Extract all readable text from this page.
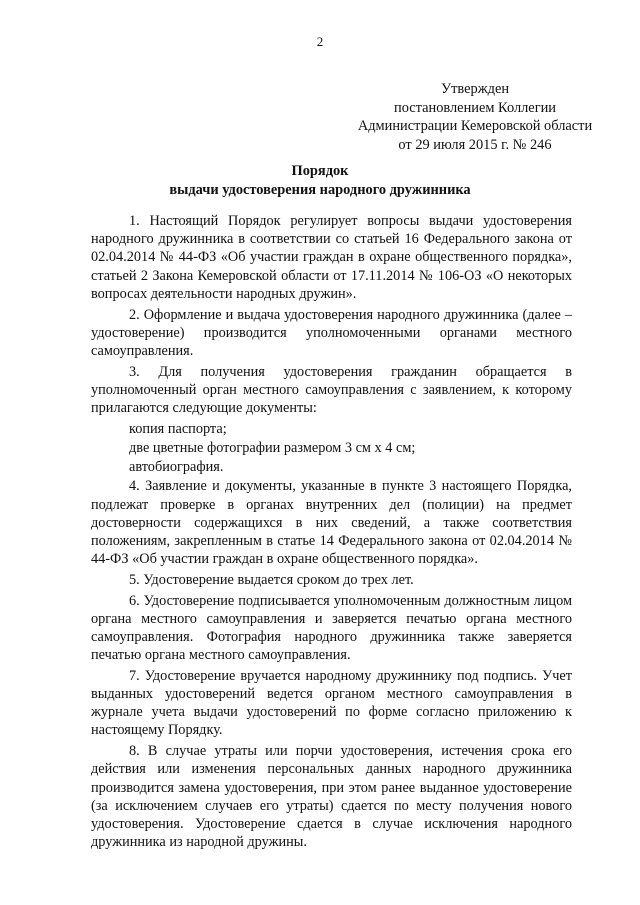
2
Утвержден
постановлением Коллегии
Администрации Кемеровской области
от 29 июля 2015 г. № 246
Порядок
выдачи удостоверения народного дружинника

1. Настоящий Порядок регулирует вопросы выдачи удостоверения народного дружинника в соответствии со статьей 16 Федерального закона от 02.04.2014 № 44-ФЗ «Об участии граждан в охране общественного порядка», статьей 2 Закона Кемеровской области от 17.11.2014 № 106-ОЗ «О некоторых вопросах деятельности народных дружин».

2. Оформление и выдача удостоверения народного дружинника (далее – удостоверение) производится уполномоченными органами местного самоуправления.

3. Для получения удостоверения гражданин обращается в уполномоченный орган местного самоуправления с заявлением, к которому прилагаются следующие документы:

копия паспорта;

две цветные фотографии размером 3 см х 4 см;

автобиография.

4. Заявление и документы, указанные в пункте 3 настоящего Порядка, подлежат проверке в органах внутренних дел (полиции) на предмет достоверности содержащихся в них сведений, а также соответствия положениям, закрепленным в статье 14 Федерального закона от 02.04.2014 № 44-ФЗ «Об участии граждан в охране общественного порядка».

5. Удостоверение выдается сроком до трех лет.

6. Удостоверение подписывается уполномоченным должностным лицом органа местного самоуправления и заверяется печатью органа местного самоуправления. Фотография народного дружинника также заверяется печатью органа местного самоуправления.

7. Удостоверение вручается народному дружиннику под подпись. Учет выданных удостоверений ведется органом местного самоуправления в журнале учета выдачи удостоверений по форме согласно приложению к настоящему Порядку.

8. В случае утраты или порчи удостоверения, истечения срока его действия или изменения персональных данных народного дружинника производится замена удостоверения, при этом ранее выданное удостоверение (за исключением случаев его утраты) сдается по месту получения нового удостоверения. Удостоверение сдается в случае исключения народного дружинника из народной дружины.
